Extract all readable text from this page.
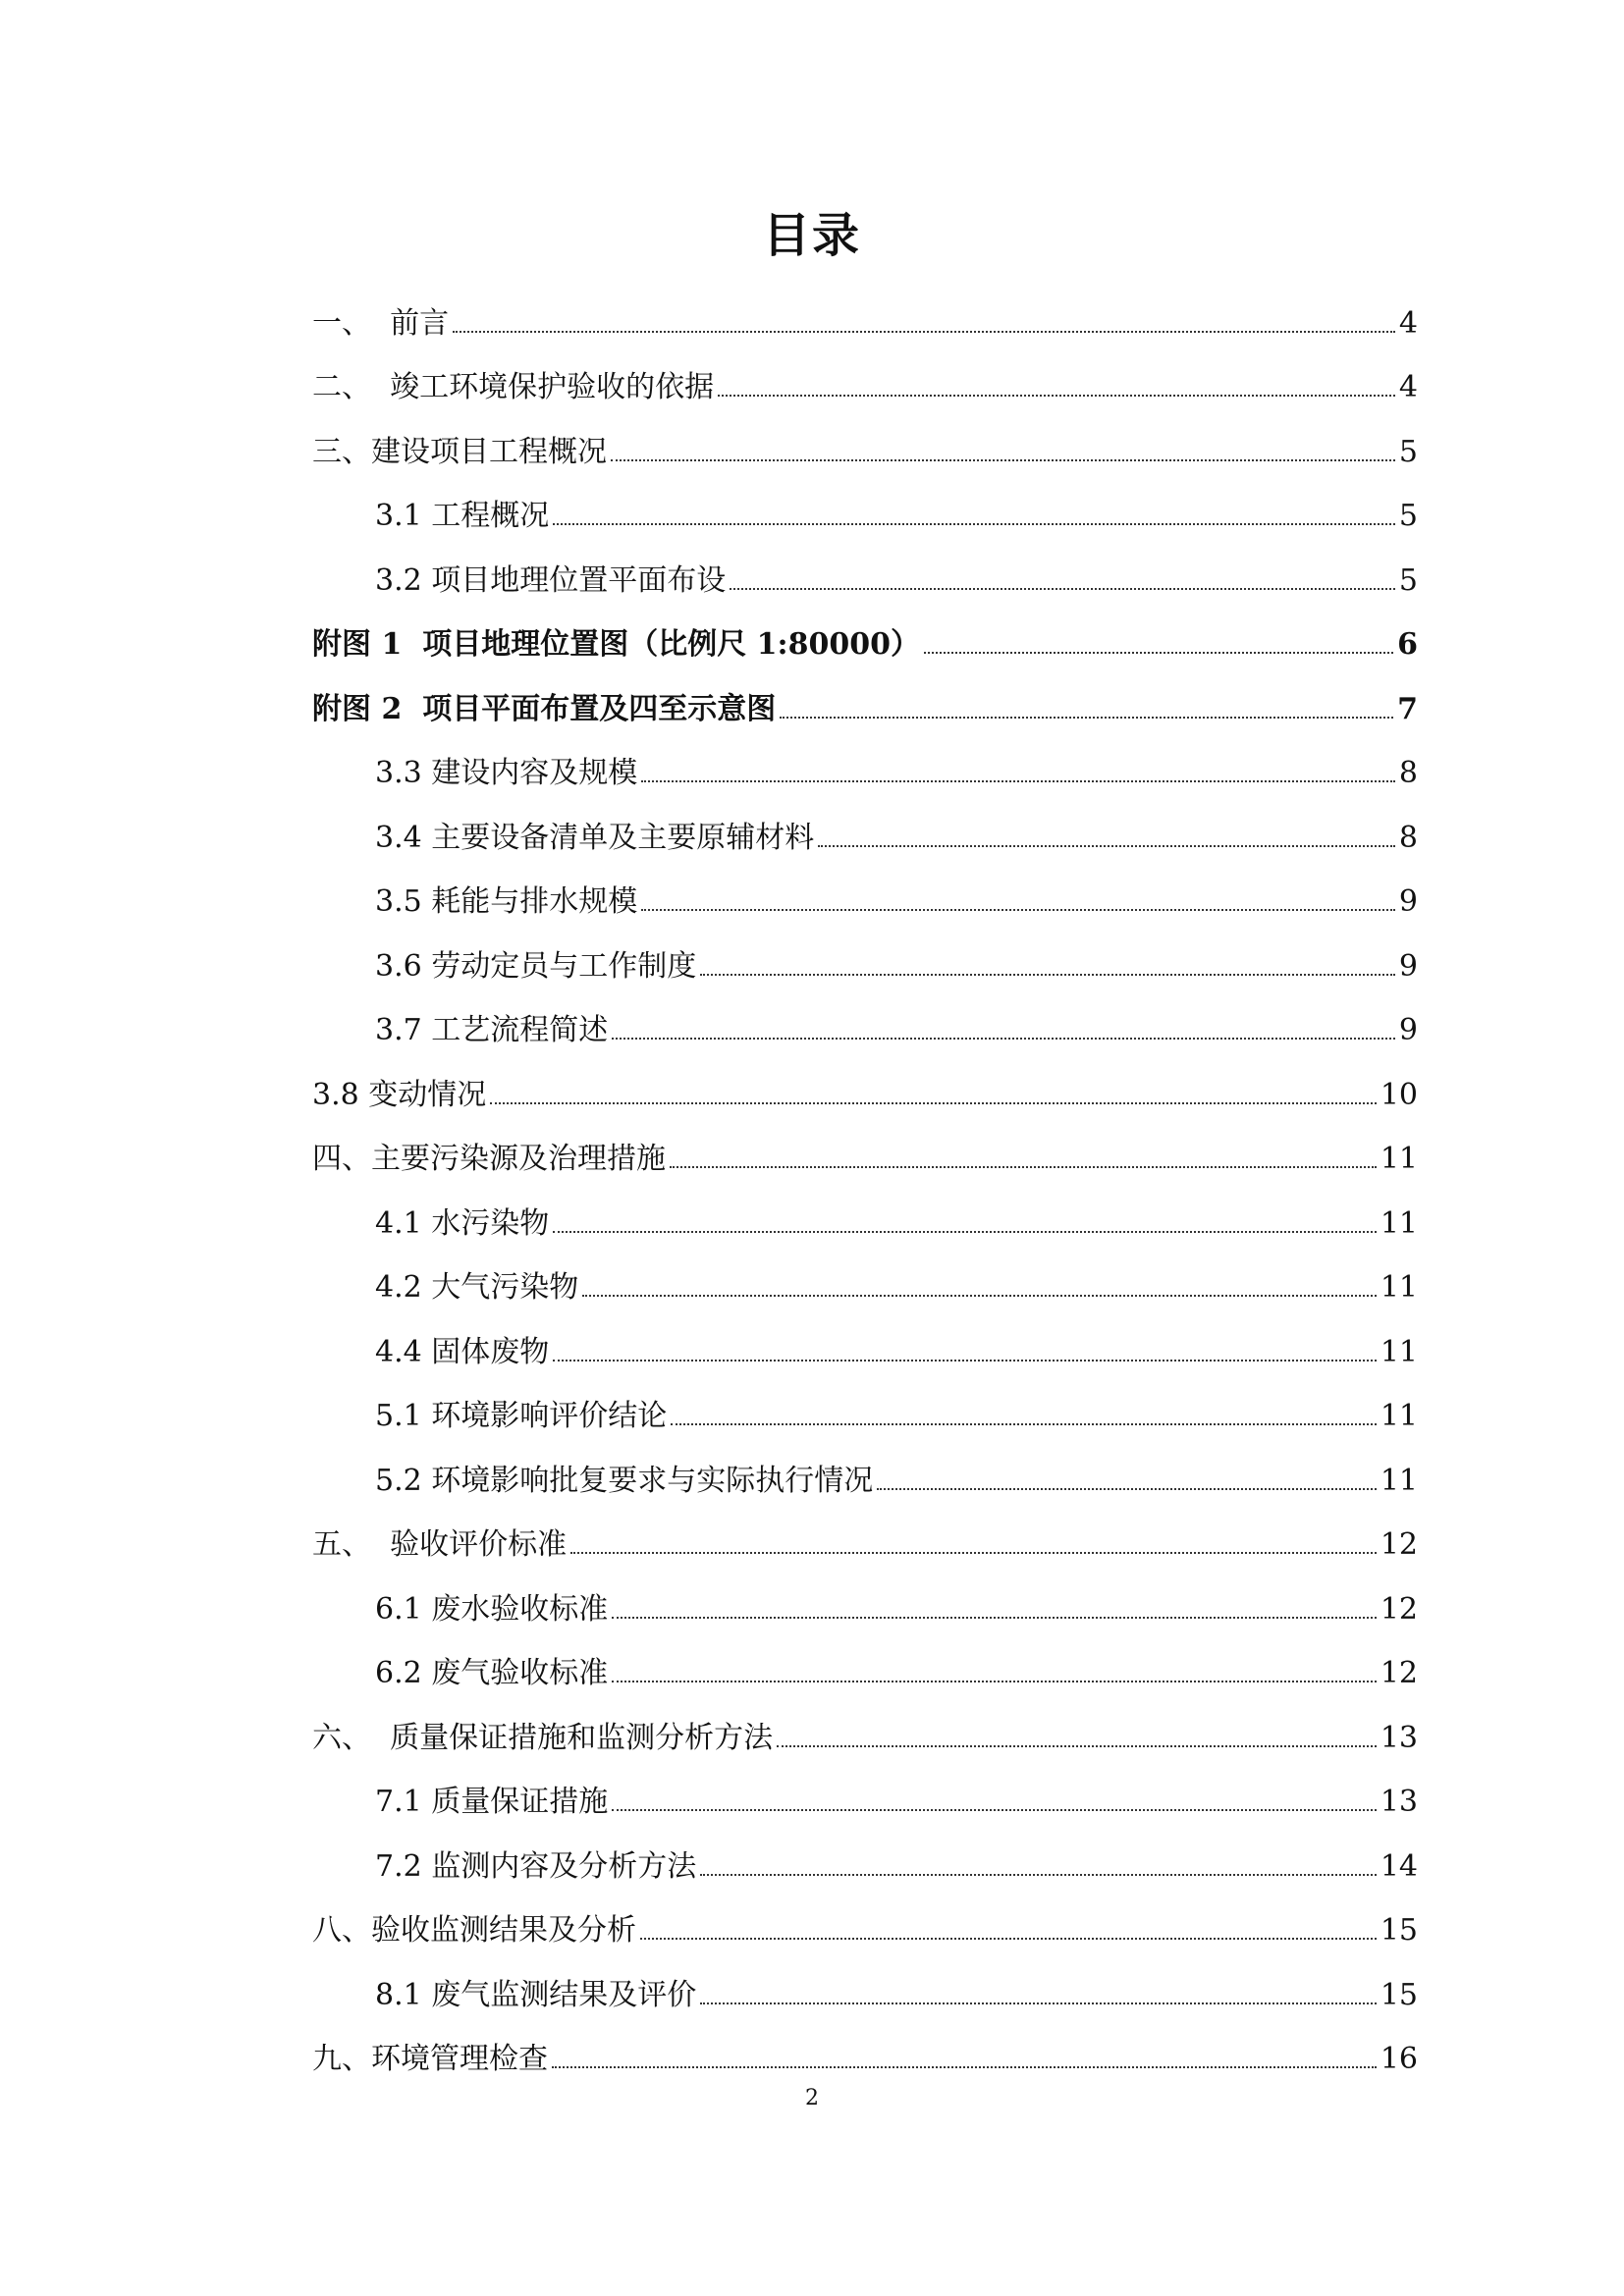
目录
一、  前言	4
二、  竣工环境保护验收的依据	4
三、建设项目工程概况	5
3.1 工程概况	5
3.2 项目地理位置平面布设	5
附图 1  项目地理位置图（比例尺 1:80000）	6
附图 2  项目平面布置及四至示意图	7
3.3 建设内容及规模	8
3.4 主要设备清单及主要原辅材料	8
3.5 耗能与排水规模	9
3.6 劳动定员与工作制度	9
3.7 工艺流程简述	9
3.8 变动情况	10
四、主要污染源及治理措施	11
4.1 水污染物	11
4.2 大气污染物	11
4.4 固体废物	11
5.1 环境影响评价结论	11
5.2 环境影响批复要求与实际执行情况	11
五、  验收评价标准	12
6.1 废水验收标准	12
6.2 废气验收标准	12
六、  质量保证措施和监测分析方法	13
7.1 质量保证措施	13
7.2 监测内容及分析方法	14
八、验收监测结果及分析	15
8.1 废气监测结果及评价	15
九、环境管理检查	16
2
